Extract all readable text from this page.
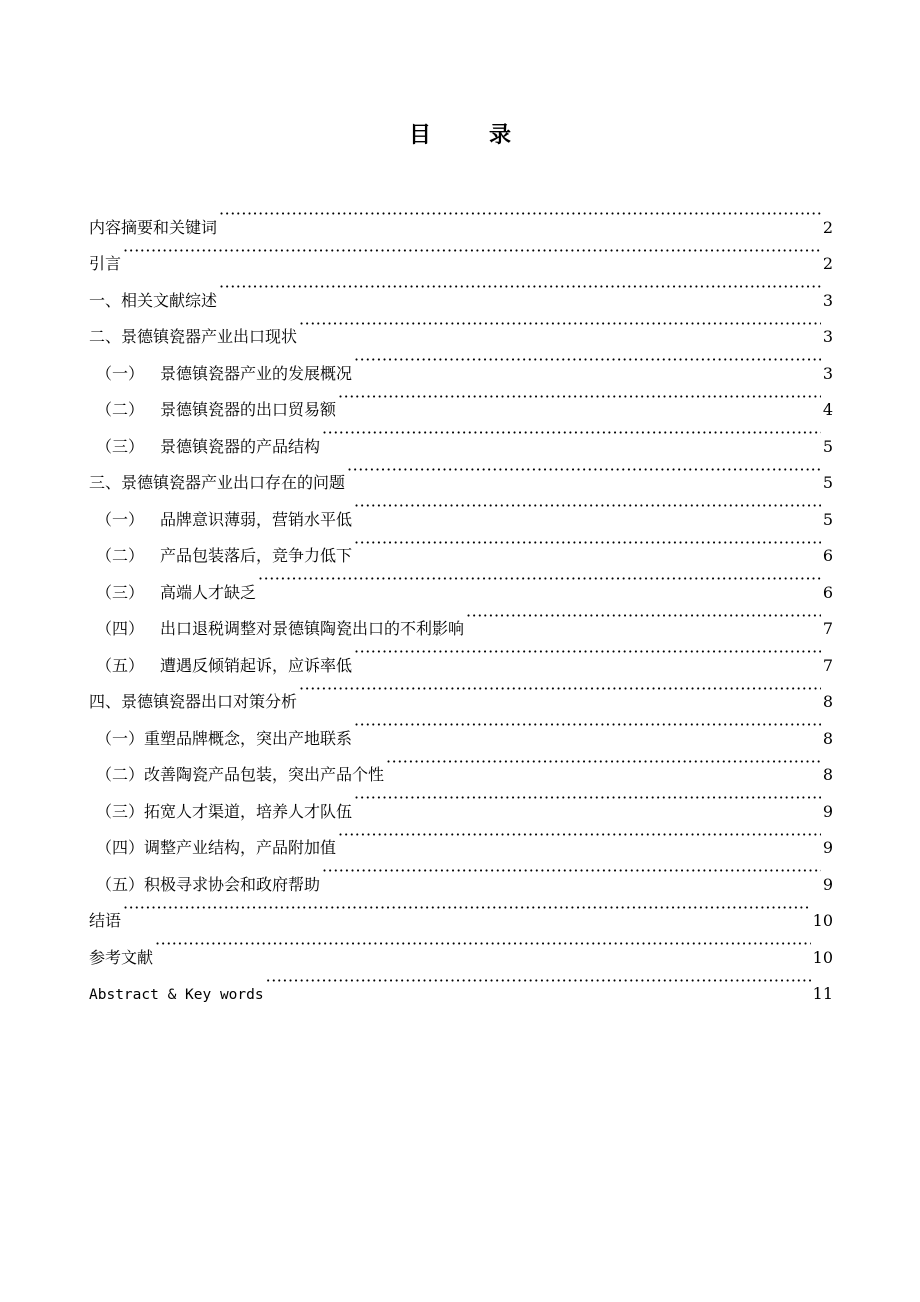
目	录
内容摘要和关键词 ·····	2
引言 ·····	2
一、 相关文献综述 ·····	3
二、 景德镇瓷器产业出口现状 ·····	3
（一） 景德镇瓷器产业的发展概况 ·····	3
（二） 景德镇瓷器的出口贸易额 ·····	4
（三） 景德镇瓷器的产品结构 ·····	5
三、 景德镇瓷器产业出口存在的问题 ·····	5
（一） 品牌意识薄弱，营销水平低 ·····	5
（二） 产品包装落后，竞争力低下 ·····	6
（三） 高端人才缺乏 ·····	6
（四） 出口退税调整对景德镇陶瓷出口的不利影响 ·····	7
（五） 遭遇反倾销起诉，应诉率低 ·····	7
四、 景德镇瓷器出口对策分析 ·····	8
（一） 重塑品牌概念，突出产地联系 ·····	8
（二） 改善陶瓷产品包装，突出产品个性 ·····	8
（三） 拓宽人才渠道，培养人才队伍 ·····	9
（四） 调整产业结构，产品附加值 ·····	9
（五） 积极寻求协会和政府帮助 ·····	9
结语 ·····	10
参考文献 ·····	10
Abstract & Key words ·····	11
